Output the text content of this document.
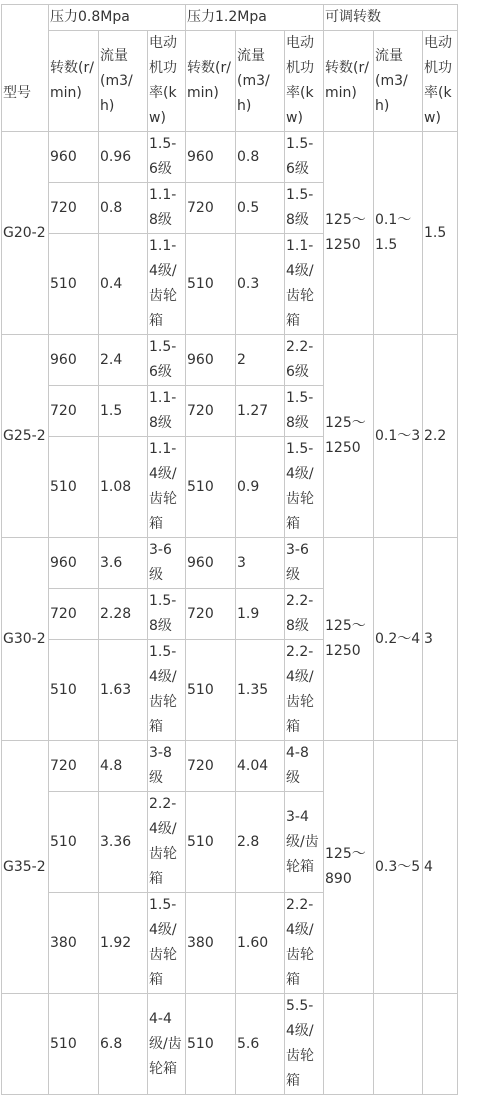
型号	压力0.8Mpa			压力1.2Mpa			可调转数		
	转数(r/min)	流量(m3/h)	电动机功率(kw)	转数(r/min)	流量(m3/h)	电动机功率(kw)	转数(r/min)	流量(m3/h)	电动机功率(kw)
G20-2	960	0.96	1.5-6级	960	0.8	1.5-6级	125～1250	0.1～1.5	1.5
	720	0.8	1.1-8级	720	0.5	1.5-8级			
	510	0.4	1.1-4级/齿轮箱	510	0.3	1.1-4级/齿轮箱			
G25-2	960	2.4	1.5-6级	960	2	2.2-6级	125～1250	0.1～3	2.2
	720	1.5	1.1-8级	720	1.27	1.5-8级			
	510	1.08	1.1-4级/齿轮箱	510	0.9	1.5-4级/齿轮箱			
G30-2	960	3.6	3-6级	960	3	3-6级	125～1250	0.2～4	3
	720	2.28	1.5-8级	720	1.9	2.2-8级			
	510	1.63	1.5-4级/齿轮箱	510	1.35	2.2-4级/齿轮箱			
G35-2	720	4.8	3-8级	720	4.04	4-8级	125～890	0.3～5	4
	510	3.36	2.2-4级/齿轮箱	510	2.8	3-4级/齿轮箱			
	380	1.92	1.5-4级/齿轮箱	380	1.60	2.2-4级/齿轮箱			
	510	6.8	4-4级/齿轮箱	510	5.6	5.5-4级/齿轮箱			
